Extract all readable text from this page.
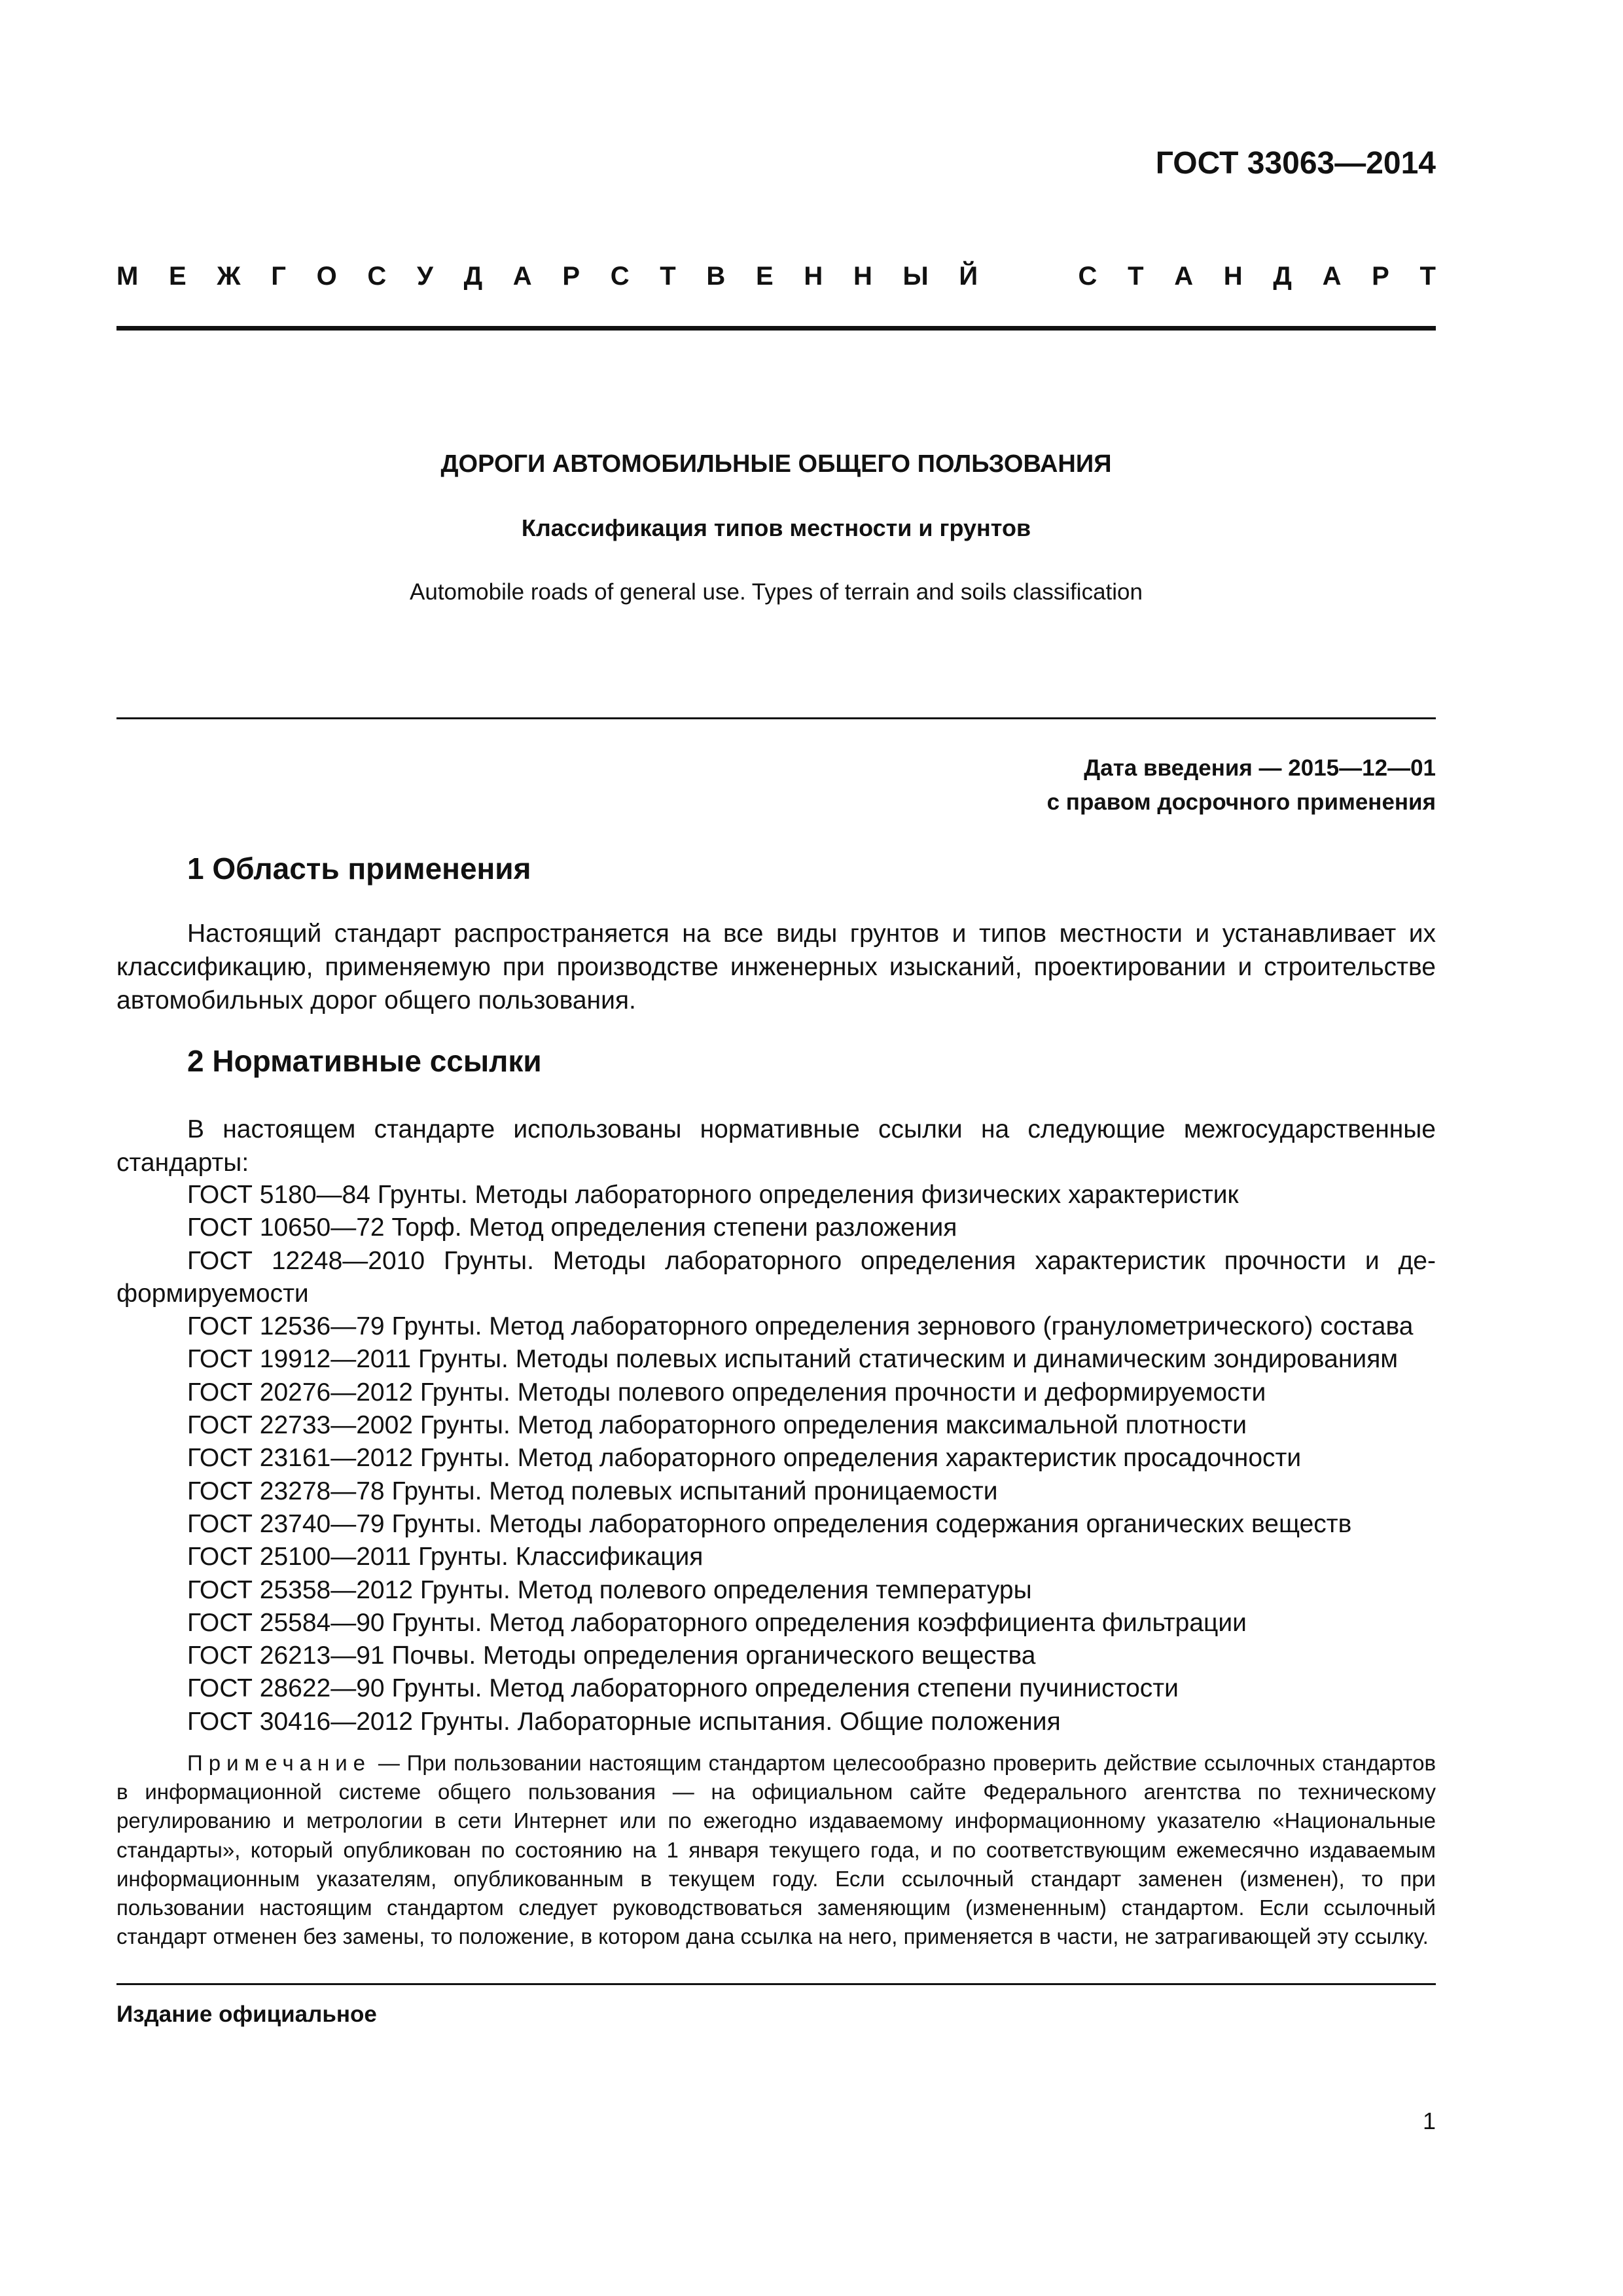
ГОСТ 33063—2014
М Е Ж Г О С У Д А Р С Т В Е Н Н Ы Й	С Т А Н Д А Р Т
ДОРОГИ АВТОМОБИЛЬНЫЕ ОБЩЕГО ПОЛЬЗОВАНИЯ
Классификация типов местности и грунтов
Automobile roads of general use. Types of terrain and soils classification
Дата введения — 2015—12—01
с правом досрочного применения
1 Область применения
Настоящий стандарт распространяется на все виды грунтов и типов местности и устанавливает их классификацию, применяемую при производстве инженерных изысканий, проектировании и строительстве автомобильных дорог общего пользования.
2 Нормативные ссылки
В настоящем стандарте использованы нормативные ссылки на следующие межгосударственные стандарты:
ГОСТ 5180—84 Грунты. Методы лабораторного определения физических характеристик
ГОСТ 10650—72 Торф. Метод определения степени разложения
ГОСТ 12248—2010 Грунты. Методы лабораторного определения характеристик прочности и деформируемости
ГОСТ 12536—79 Грунты. Метод лабораторного определения зернового (гранулометрического) состава
ГОСТ 19912—2011 Грунты. Методы полевых испытаний статическим и динамическим зондированиям
ГОСТ 20276—2012 Грунты. Методы полевого определения прочности и деформируемости
ГОСТ 22733—2002 Грунты. Метод лабораторного определения максимальной плотности
ГОСТ 23161—2012 Грунты. Метод лабораторного определения характеристик просадочности
ГОСТ 23278—78 Грунты. Метод полевых испытаний проницаемости
ГОСТ 23740—79 Грунты. Методы лабораторного определения содержания органических веществ
ГОСТ 25100—2011 Грунты. Классификация
ГОСТ 25358—2012 Грунты. Метод полевого определения температуры
ГОСТ 25584—90 Грунты. Метод лабораторного определения коэффициента фильтрации
ГОСТ 26213—91 Почвы. Методы определения органического вещества
ГОСТ 28622—90 Грунты. Метод лабораторного определения степени пучинистости
ГОСТ 30416—2012 Грунты. Лабораторные испытания. Общие положения
Примечание — При пользовании настоящим стандартом целесообразно проверить действие ссылочных стандартов в информационной системе общего пользования — на официальном сайте Федерального агентства по техническому регулированию и метрологии в сети Интернет или по ежегодно издаваемому информационному указателю «Национальные стандарты», который опубликован по состоянию на 1 января текущего года, и по соответствующим ежемесячно издаваемым информационным указателям, опубликованным в текущем году. Если ссылочный стандарт заменен (изменен), то при пользовании настоящим стандартом следует руководствоваться заменяющим (измененным) стандартом. Если ссылочный стандарт отменен без замены, то положение, в котором дана ссылка на него, применяется в части, не затрагивающей эту ссылку.
Издание официальное
1
